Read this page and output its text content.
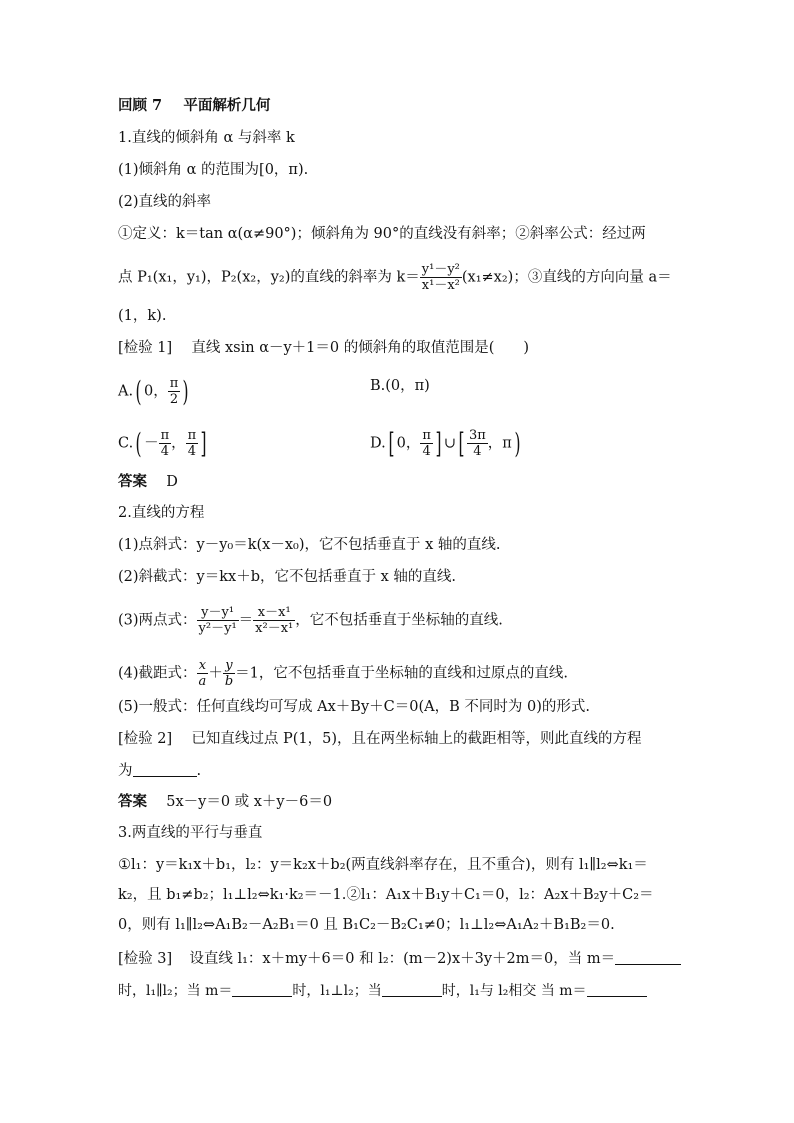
回顾 7 平面解析几何
1.直线的倾斜角 α 与斜率 k
(1)倾斜角 α 的范围为[0，π).
(2)直线的斜率
①定义：k＝tan α(α≠90°)；倾斜角为 90°的直线没有斜率；②斜率公式：经过两
点 P₁(x₁，y₁)，P₂(x₂，y₂)的直线的斜率为 $k= \frac{\text{y¹－y²}}{\text{x¹－x²}} (x_1\ne x_2)$；③直线的方向向量 a＝
(1，k).
[检验 1] 直线 xsin α－y＋1＝0 的倾斜角的取值范围是(　　)
A.( 0， $\frac{\pi}{2}$ )	B.(0，π)
$C.( - \frac{\pi}{4}$ ， $\frac{\pi}{4}$ ]	D.[ 0， $\frac{\pi}{4}$ ] ∪[ $\frac{3\pi}{4}$ ，π)
答案 D
2.直线的方程
(1)点斜式：y－y₀＝k(x－x₀)，它不包括垂直于 x 轴的直线.
(2)斜截式：y＝kx＋b，它不包括垂直于 x 轴的直线.
(3)两点式： $\frac{\text{y－y¹}}{\text{y²－y¹}} = \frac{\text{x－x¹}}{\text{x²－x¹}}$ ，它不包括垂直于坐标轴的直线.
(4)截距式： $\frac{x}{a} + \frac{y}{b} =1$，它不包括垂直于坐标轴的直线和过原点的直线.
(5)一般式：任何直线均可写成 Ax＋By＋C＝0(A，B 不同时为 0)的形式.
[检验 2] 已知直线过点 P(1，5)，且在两坐标轴上的截距相等，则此直线的方程
为	.
答案 5x－y＝0 或 x＋y－6＝0
3.两直线的平行与垂直
①l₁：y＝k₁x＋b₁，l₂：y＝k₂x＋b₂(两直线斜率存在，且不重合)，则有 l₁∥l₂⇔k₁＝
k₂，且 b₁≠b₂；l₁⊥l₂⇔k₁·k₂＝－1.②l₁：A₁x＋B₁y＋C₁＝0，l₂：A₂x＋B₂y＋C₂＝
0，则有 l₁∥l₂⇔A₁B₂－A₂B₁＝0 且 B₁C₂－B₂C₁≠0；l₁⊥l₂⇔A₁A₂＋B₁B₂＝0.
[检验 3] 设直线 l₁：x＋my＋6＝0 和 l₂：(m－2)x＋3y＋2m＝0，当 m＝
时，l₁∥l₂；当 m＝	时，l₁⊥l₂；当	时，l₁与 l₂相交 当 m＝
